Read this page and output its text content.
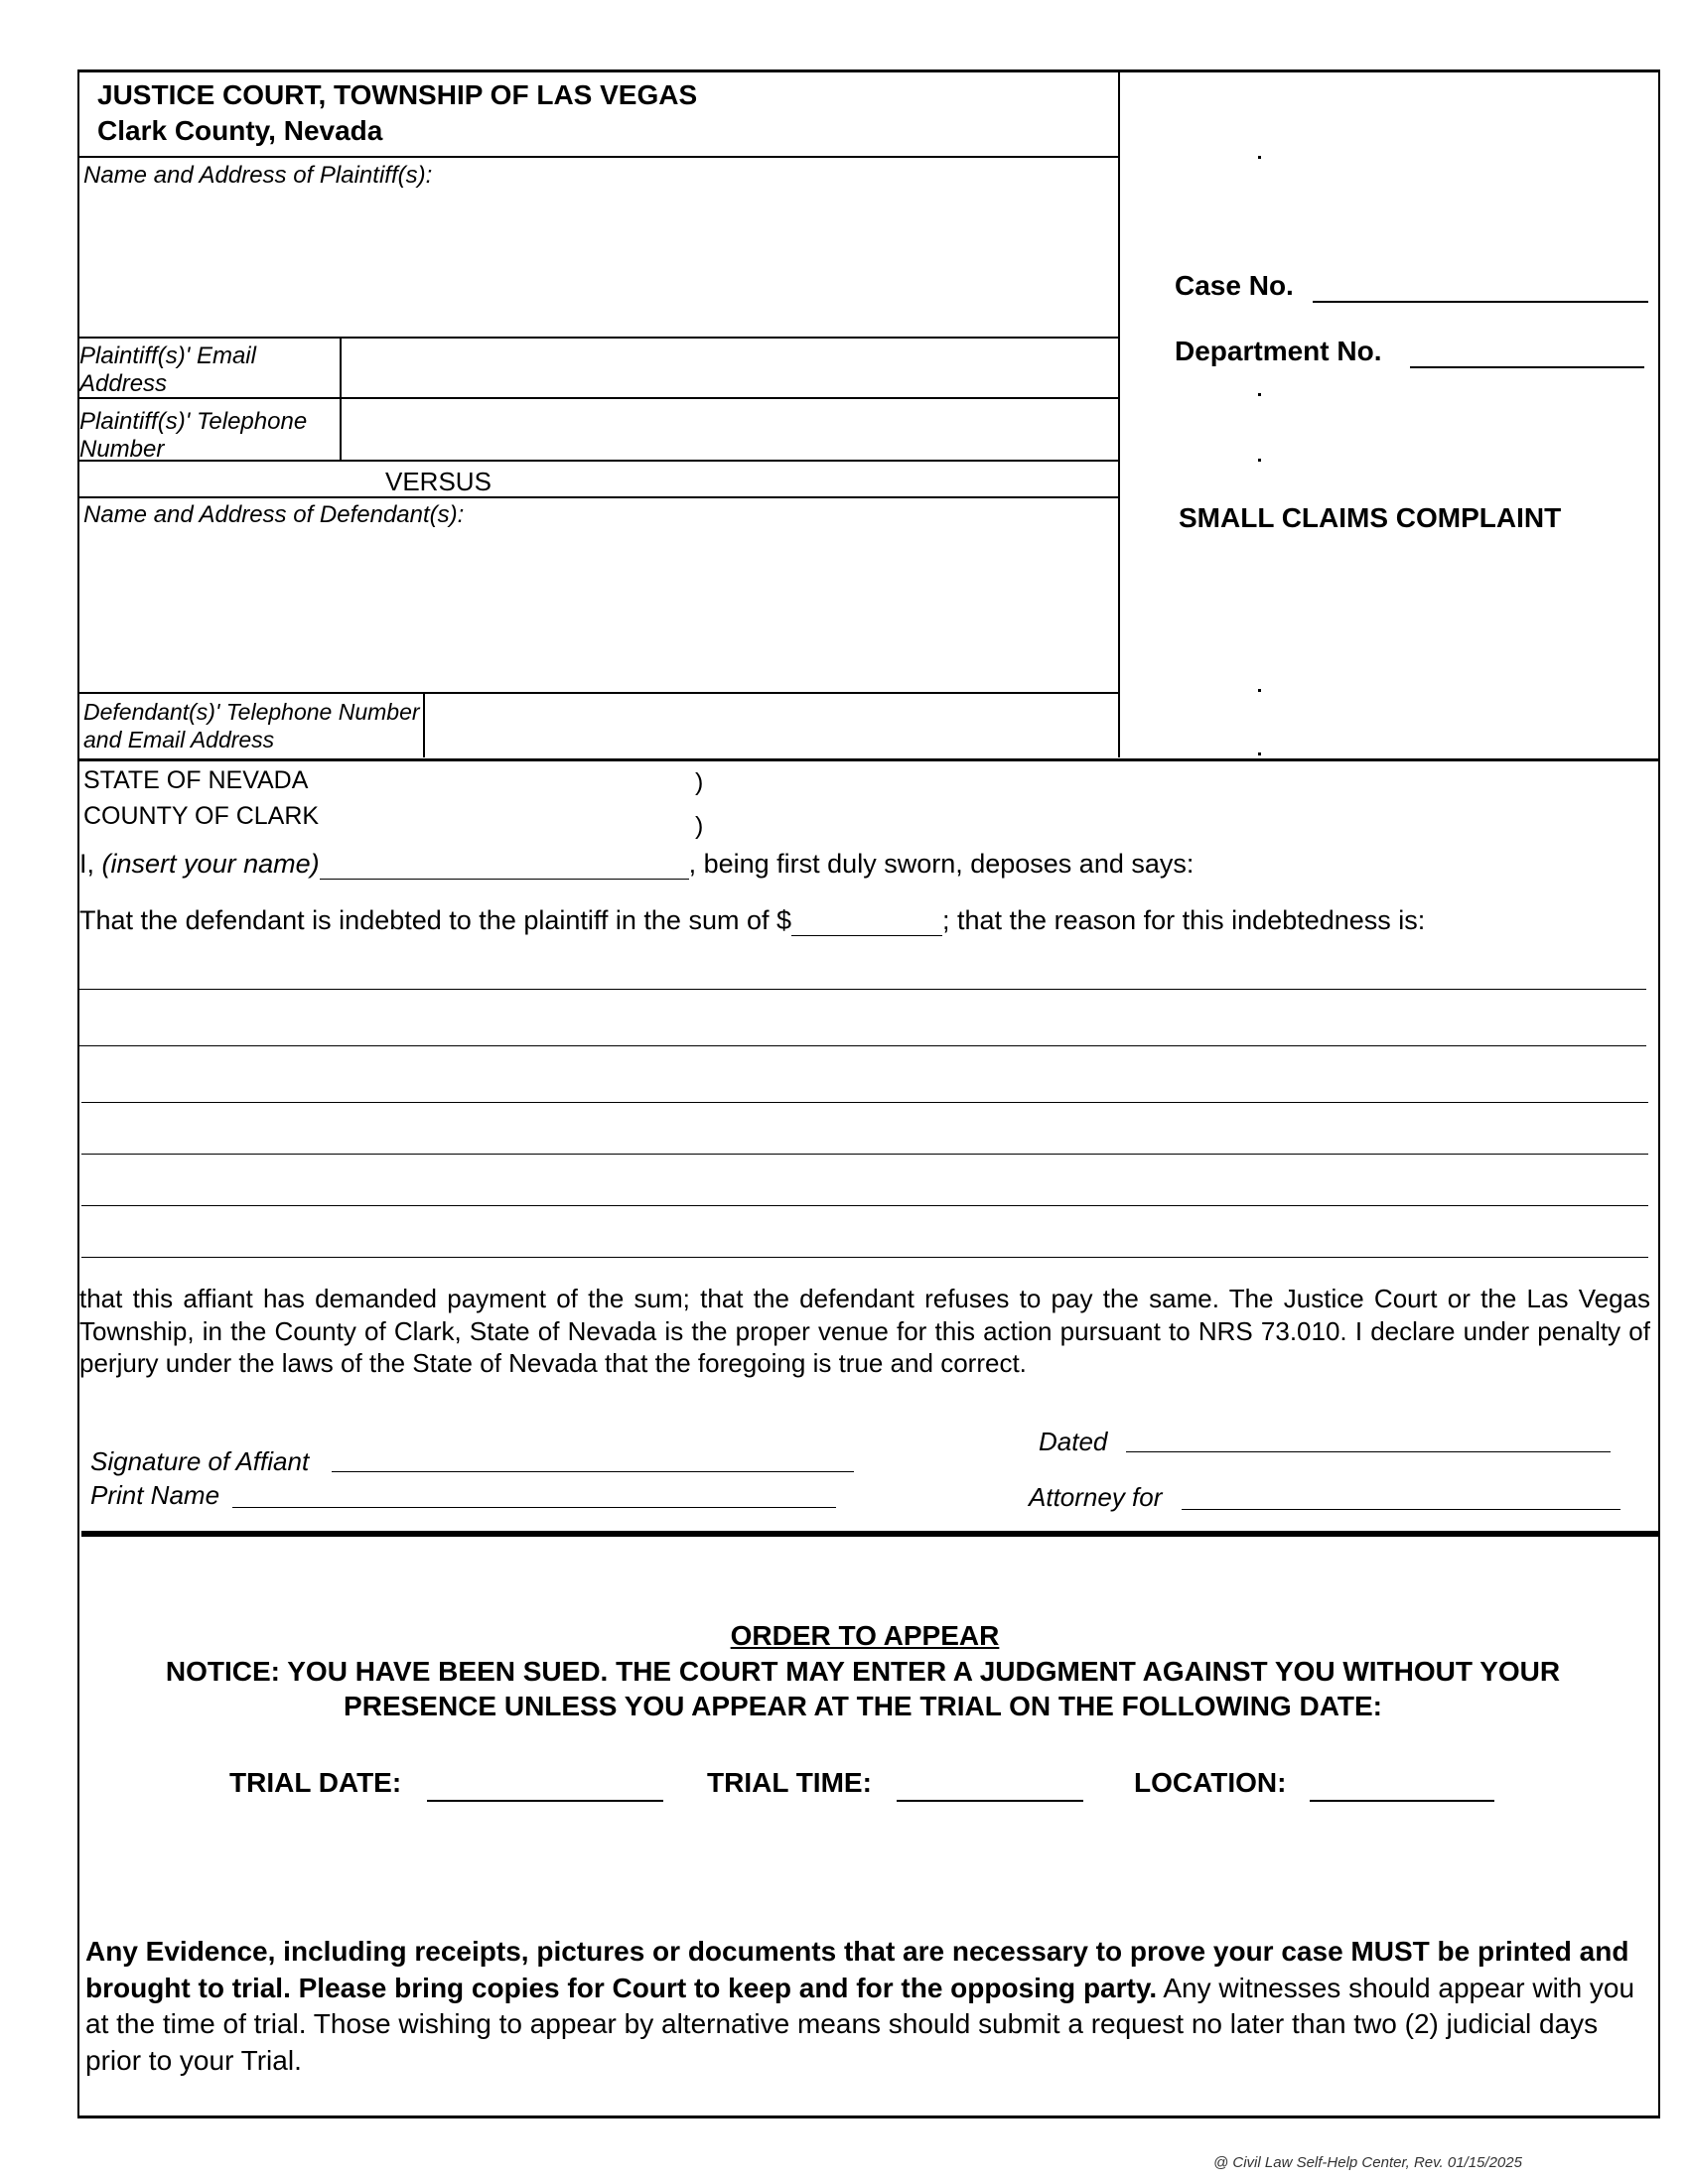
JUSTICE COURT, TOWNSHIP OF LAS VEGAS
Clark County, Nevada
Name and Address of Plaintiff(s):
Plaintiff(s)' Email Address
Plaintiff(s)' Telephone Number
VERSUS
Name and Address of Defendant(s):
Defendant(s)' Telephone Number and Email Address
Case No.
Department No.
SMALL CLAIMS COMPLAINT
STATE OF NEVADA	)
COUNTY OF CLARK	)
I, (insert your name)	, being first duly sworn, deposes and says:
That the defendant is indebted to the plaintiff in the sum of $	; that the reason for this indebtedness is:
that this affiant has demanded payment of the sum; that the defendant refuses to pay the same. The Justice Court or the Las Vegas Township, in the County of Clark, State of Nevada is the proper venue for this action pursuant to NRS 73.010. I declare under penalty of perjury under the laws of the State of Nevada that the foregoing is true and correct.
Signature of Affiant
Print Name
Dated
Attorney for
ORDER TO APPEAR
NOTICE: YOU HAVE BEEN SUED. THE COURT MAY ENTER A JUDGMENT AGAINST YOU WITHOUT YOUR
PRESENCE UNLESS YOU APPEAR AT THE TRIAL ON THE FOLLOWING DATE:
TRIAL DATE:	TRIAL TIME:	LOCATION:
Any Evidence, including receipts, pictures or documents that are necessary to prove your case MUST be printed and brought to trial. Please bring copies for Court to keep and for the opposing party. Any witnesses should appear with you at the time of trial. Those wishing to appear by alternative means should submit a request no later than two (2) judicial days prior to your Trial.
@ Civil Law Self-Help Center, Rev. 01/15/2025
